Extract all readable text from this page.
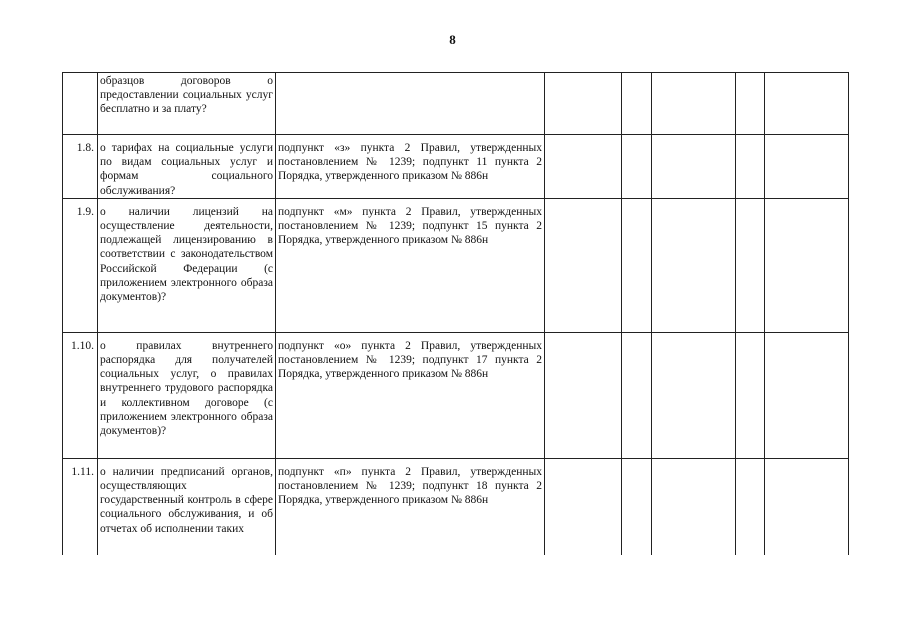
8
	образцов договоров о предоставлении социальных услуг бесплатно и за плату?						
1.8.	о тарифах на социальные услуги по видам социальных услуг и формам социального обслуживания?	подпункт «з» пункта 2 Правил, утвержденных постановлением № 1239; подпункт 11 пункта 2 Порядка, утвержденного приказом № 886н					
1.9.	о наличии лицензий на осуществление деятельности, подлежащей лицензированию в соответствии с законодательством Российской Федерации (с приложением электронного образа документов)?	подпункт «м» пункта 2 Правил, утвержденных постановлением № 1239; подпункт 15 пункта 2 Порядка, утвержденного приказом № 886н					
1.10.	о правилах внутреннего распорядка для получателей социальных услуг, о правилах внутреннего трудового распорядка и коллективном договоре (с приложением электронного образа документов)?	подпункт «о» пункта 2 Правил, утвержденных постановлением № 1239; подпункт 17 пункта 2 Порядка, утвержденного приказом № 886н					
1.11.	о наличии предписаний органов, осуществляющих государственный контроль в сфере социального обслуживания, и об отчетах об исполнении таких	подпункт «п» пункта 2 Правил, утвержденных постановлением № 1239; подпункт 18 пункта 2 Порядка, утвержденного приказом № 886н					
